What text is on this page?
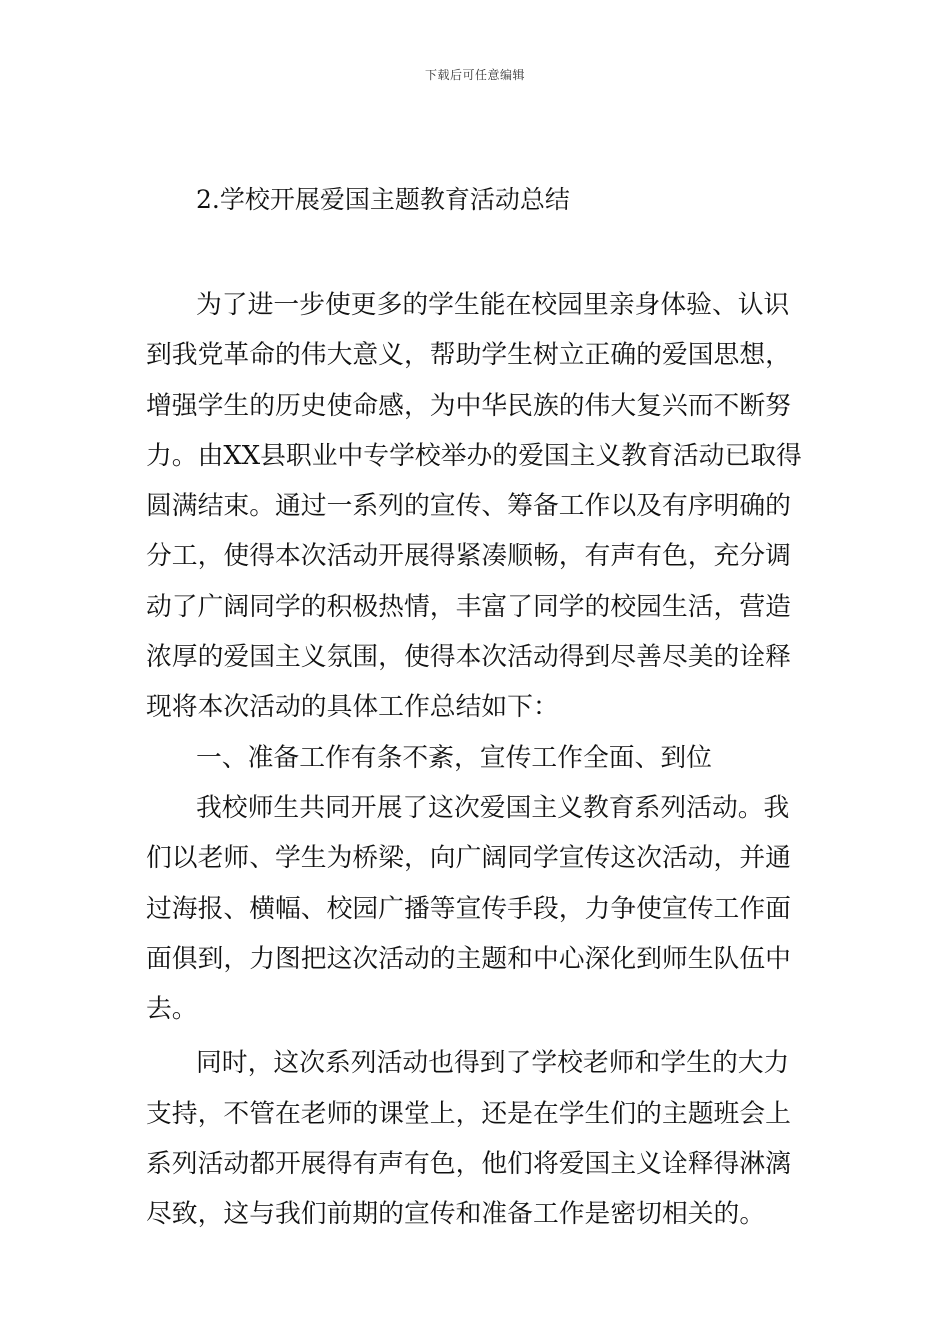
下载后可任意编辑
2.学校开展爱国主题教育活动总结
为了进一步使更多的学生能在校园里亲身体验、认识
到我党革命的伟大意义，帮助学生树立正确的爱国思想，
增强学生的历史使命感，为中华民族的伟大复兴而不断努
力。由XX县职业中专学校举办的爱国主义教育活动已取得
圆满结束。通过一系列的宣传、筹备工作以及有序明确的
分工，使得本次活动开展得紧凑顺畅，有声有色，充分调
动了广阔同学的积极热情，丰富了同学的校园生活，营造
浓厚的爱国主义氛围，使得本次活动得到尽善尽美的诠释
现将本次活动的具体工作总结如下：
一、准备工作有条不紊，宣传工作全面、到位
我校师生共同开展了这次爱国主义教育系列活动。我
们以老师、学生为桥梁，向广阔同学宣传这次活动，并通
过海报、横幅、校园广播等宣传手段，力争使宣传工作面
面俱到，力图把这次活动的主题和中心深化到师生队伍中
去。
同时，这次系列活动也得到了学校老师和学生的大力
支持，不管在老师的课堂上，还是在学生们的主题班会上
系列活动都开展得有声有色，他们将爱国主义诠释得淋漓
尽致，这与我们前期的宣传和准备工作是密切相关的。
